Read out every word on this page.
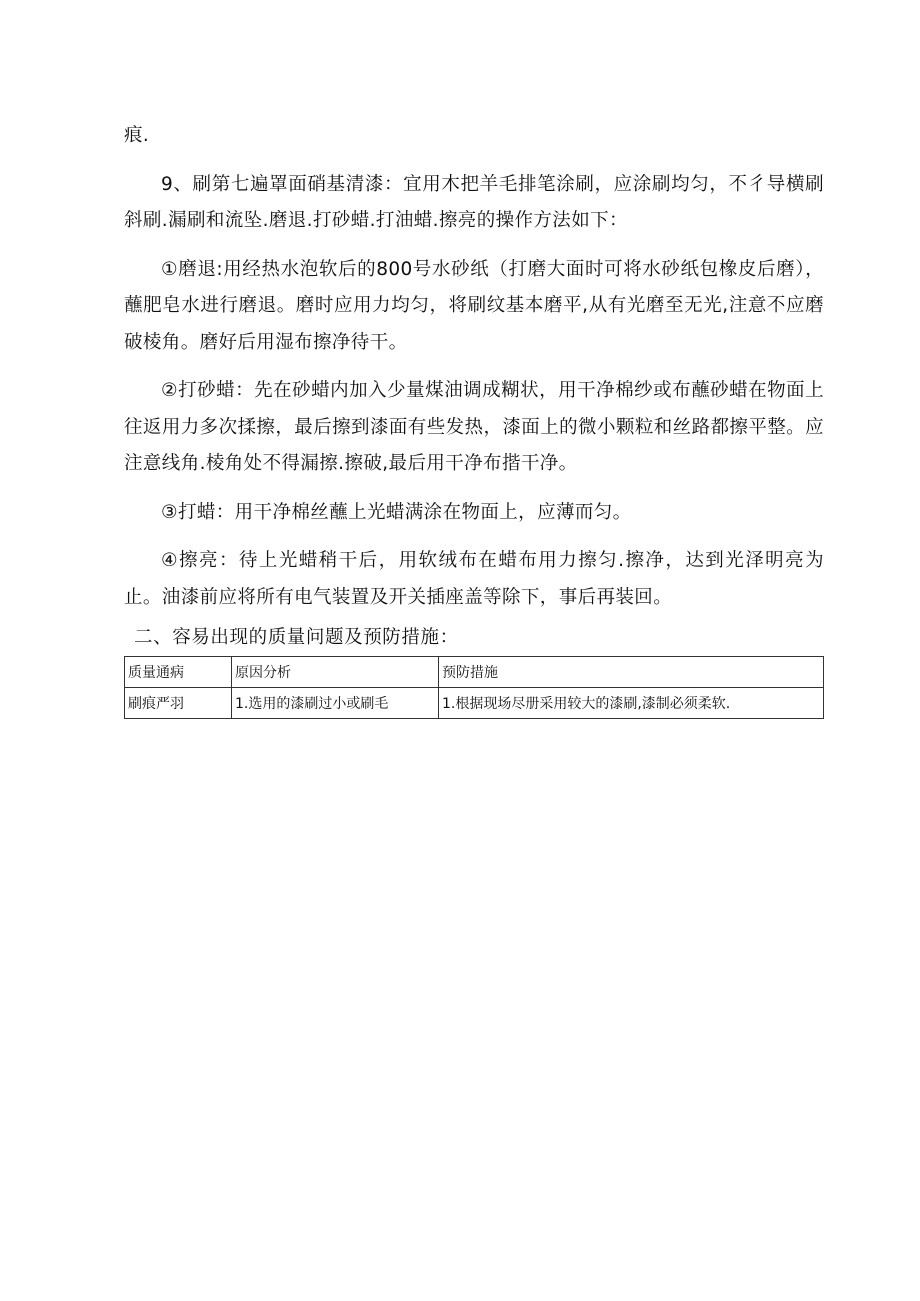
痕.

9、刷第七遍罩面硝基清漆：宜用木把羊毛排笔涂刷，应涂刷均匀，不彳导横刷斜刷.漏刷和流坠.磨退.打砂蜡.打油蜡.擦亮的操作方法如下：

①磨退:用经热水泡软后的800号水砂纸（打磨大面时可将水砂纸包橡皮后磨），蘸肥皂水进行磨退。磨时应用力均匀，将刷纹基本磨平,从有光磨至无光,注意不应磨破棱角。磨好后用湿布擦净待干。

②打砂蜡：先在砂蜡内加入少量煤油调成糊状，用干净棉纱或布蘸砂蜡在物面上往返用力多次揉擦，最后擦到漆面有些发热，漆面上的微小颗粒和丝路都擦平整。应注意线角.棱角处不得漏擦.擦破,最后用干净布揩干净。

③打蜡：用干净棉丝蘸上光蜡满涂在物面上，应薄而匀。

④擦亮：待上光蜡稍干后，用软绒布在蜡布用力擦匀.擦净，达到光泽明亮为止。油漆前应将所有电气装置及开关插座盖等除下，事后再装回。

二、容易出现的质量问题及预防措施：
质量通病	原因分析	预防措施
刷痕严羽	1.选用的漆刷过小或刷毛	1.根据现场尽册采用较大的漆刷,漆制必须柔软.
